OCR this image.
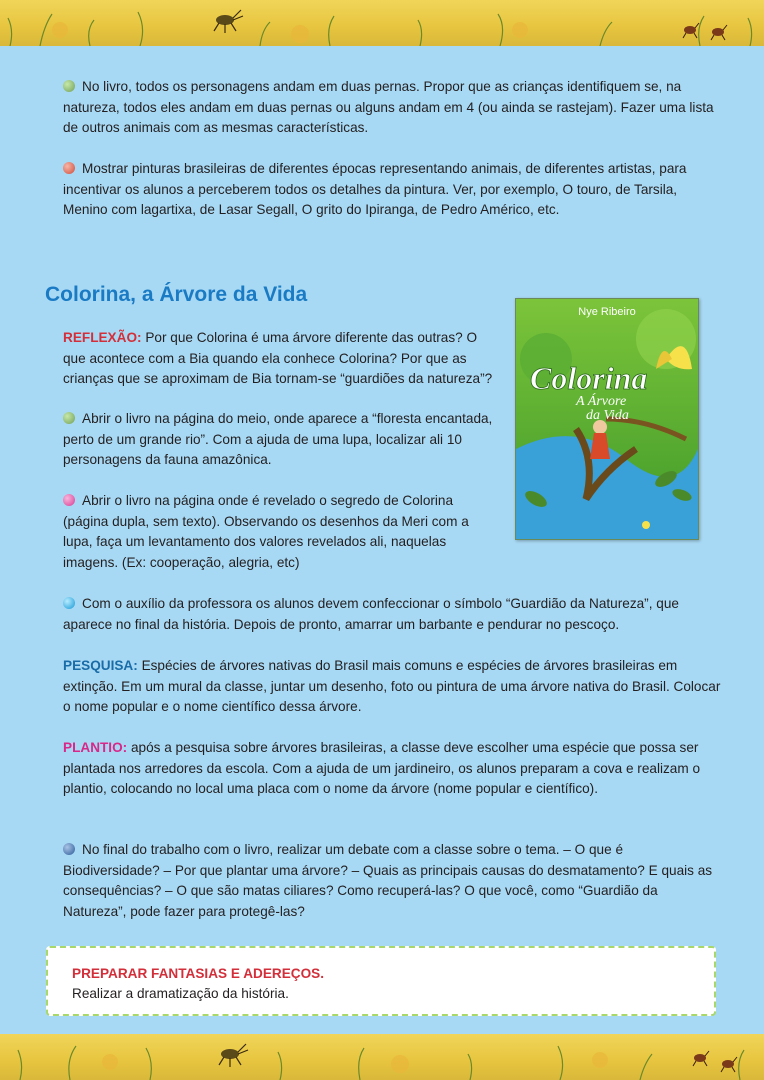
No livro, todos os personagens andam em duas pernas. Propor que as crianças identifiquem se, na natureza, todos eles andam em duas pernas ou alguns andam em 4 (ou ainda se rastejam). Fazer uma lista de outros animais com as mesmas características.

Mostrar pinturas brasileiras de diferentes épocas representando animais, de diferentes artistas, para incentivar os alunos a perceberem todos os detalhes da pintura. Ver, por exemplo, O touro, de Tarsila, Menino com lagartixa, de Lasar Segall, O grito do Ipiranga, de Pedro Américo, etc.

Colorina, a Árvore da Vida

REFLEXÃO: Por que Colorina é uma árvore diferente das outras? O que acontece com a Bia quando ela conhece Colorina? Por que as crianças que se aproximam de Bia tornam-se “guardiões da natureza”?

Abrir o livro na página do meio, onde aparece a “floresta encantada, perto de um grande rio”. Com a ajuda de uma lupa, localizar ali 10 personagens da fauna amazônica.

Abrir o livro na página onde é revelado o segredo de Colorina (página dupla, sem texto). Observando os desenhos da Meri com a lupa, faça um levantamento dos valores revelados ali, naquelas imagens. (Ex: cooperação, alegria, etc)

Com o auxílio da professora os alunos devem confeccionar o símbolo “Guardião da Natureza”, que aparece no final da história. Depois de pronto, amarrar um barbante e pendurar no pescoço.

PESQUISA: Espécies de árvores nativas do Brasil mais comuns e espécies de árvores brasileiras em extinção. Em um mural da classe, juntar um desenho, foto ou pintura de uma árvore nativa do Brasil. Colocar o nome popular e o nome científico dessa árvore.

PLANTIO: após a pesquisa sobre árvores brasileiras, a classe deve escolher uma espécie que possa ser plantada nos arredores da escola. Com a ajuda de um jardineiro, os alunos preparam a cova e realizam o plantio, colocando no local uma placa com o nome da árvore (nome popular e científico).

No final do trabalho com o livro, realizar um debate com a classe sobre o tema. – O que é Biodiversidade? – Por que plantar uma árvore? – Quais as principais causas do desmatamento? E quais as consequências? – O que são matas ciliares? Como recuperá-las? O que você, como “Guardião da Natureza”, pode fazer para protegê-las?

Nye Ribeiro
Colorina
A Árvore
da Vida

PREPARAR FANTASIAS E ADEREÇOS.

Realizar a dramatização da história.
